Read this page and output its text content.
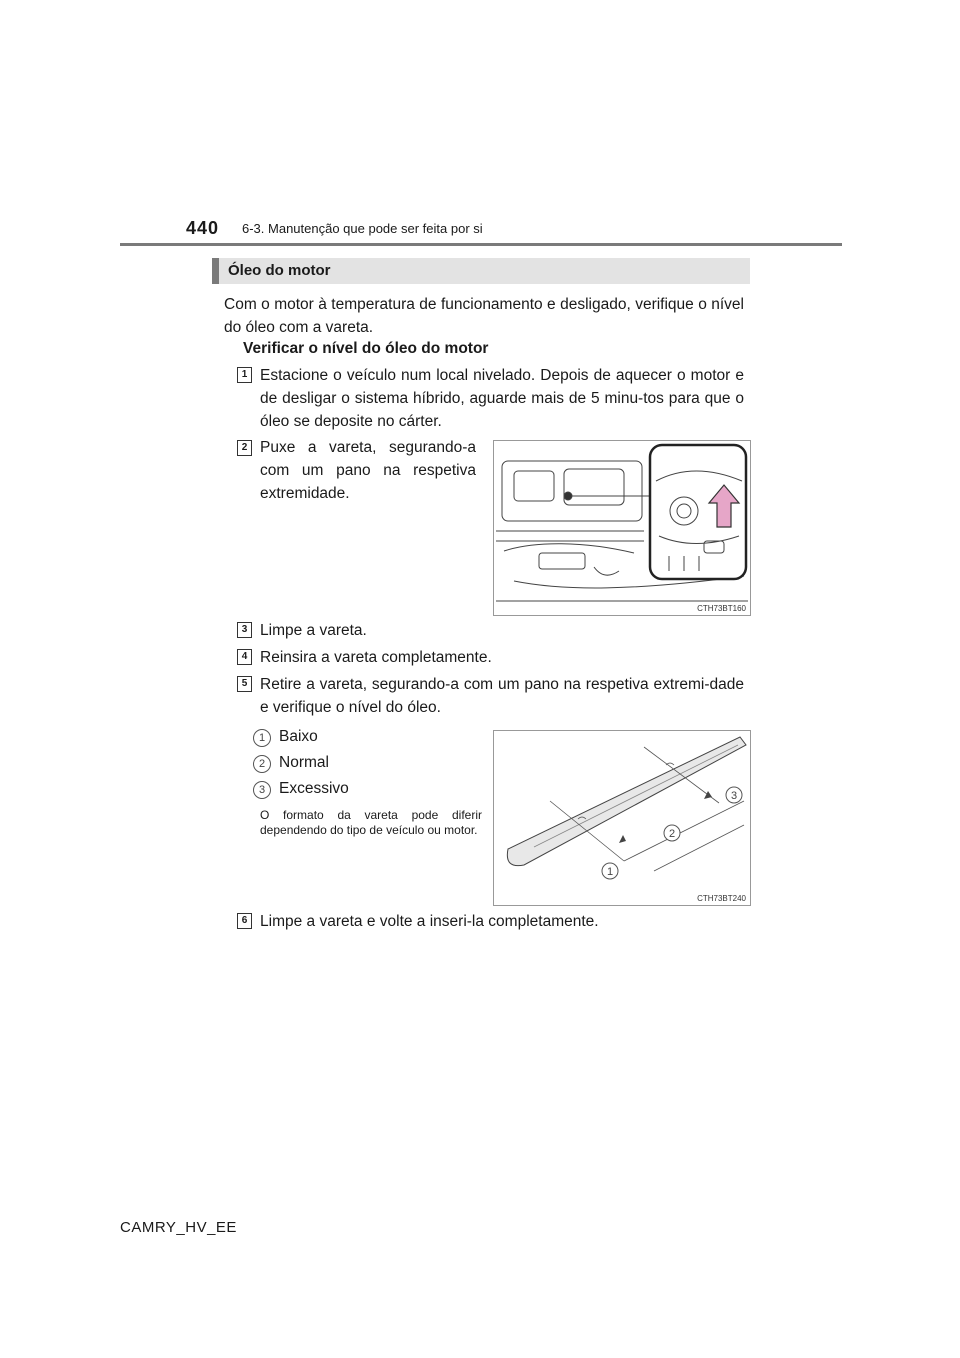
440 6-3. Manutenção que pode ser feita por si
Óleo do motor
Com o motor à temperatura de funcionamento e desligado, verifique o nível do óleo com a vareta.
Verificar o nível do óleo do motor
1 Estacione o veículo num local nivelado. Depois de aquecer o motor e de desligar o sistema híbrido, aguarde mais de 5 minu-tos para que o óleo se deposite no cárter.
2 Puxe a vareta, segurando-a com um pano na respetiva extremidade.
CTH73BT160
3 Limpe a vareta.
4 Reinsira a vareta completamente.
5 Retire a vareta, segurando-a com um pano na respetiva extremi-dade e verifique o nível do óleo.
1 Baixo
2 Normal
3 Excessivo
O formato da vareta pode diferir dependendo do tipo de veículo ou motor.
1
2
3
CTH73BT240
6 Limpe a vareta e volte a inseri-la completamente.
CAMRY_HV_EE
